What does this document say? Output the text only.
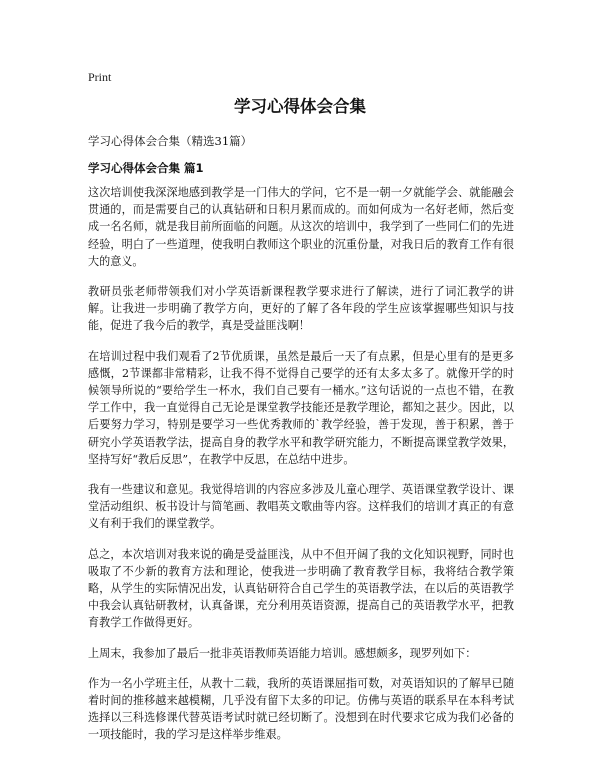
Print
学习心得体会合集
学习心得体会合集（精选31篇）
学习心得体会合集 篇1

这次培训使我深深地感到教学是一门伟大的学问，它不是一朝一夕就能学会、就能融会贯通的，而是需要自己的认真钻研和日积月累而成的。而如何成为一名好老师，然后变成一名名师，就是我目前所面临的问题。从这次的培训中，我学到了一些同仁们的先进经验，明白了一些道理，使我明白教师这个职业的沉重份量，对我日后的教育工作有很大的意义。

教研员张老师带领我们对小学英语新课程教学要求进行了解读，进行了词汇教学的讲解。让我进一步明确了教学方向，更好的了解了各年段的学生应该掌握哪些知识与技能，促进了我今后的教学，真是受益匪浅啊！

在培训过程中我们观看了2节优质课，虽然是最后一天了有点累，但是心里有的是更多感慨，2节课都非常精彩，让我不得不觉得自己要学的还有太多太多了。就像开学的时候领导所说的“要给学生一杯水，我们自己要有一桶水。”这句话说的一点也不错，在教学工作中，我一直觉得自己无论是课堂教学技能还是教学理论，都知之甚少。因此，以后要努力学习，特别是要学习一些优秀教师的`教学经验，善于发现，善于积累，善于研究小学英语教学法，提高自身的教学水平和教学研究能力，不断提高课堂教学效果，坚持写好“教后反思”，在教学中反思，在总结中进步。

我有一些建议和意见。我觉得培训的内容应多涉及儿童心理学、英语课堂教学设计、课堂活动组织、板书设计与简笔画、教唱英文歌曲等内容。这样我们的培训才真正的有意义有利于我们的课堂教学。

总之，本次培训对我来说的确是受益匪浅，从中不但开阔了我的文化知识视野，同时也吸取了不少新的教育方法和理论，使我进一步明确了教育教学目标，我将结合教学策略，从学生的实际情况出发，认真钻研符合自己学生的英语教学法，在以后的英语教学中我会认真钻研教材，认真备课，充分利用英语资源，提高自己的英语教学水平，把教育教学工作做得更好。

上周末，我参加了最后一批非英语教师英语能力培训。感想颇多，现罗列如下：

作为一名小学班主任，从教十二载，我所的英语课屈指可数，对英语知识的了解早已随着时间的推移越来越模糊，几乎没有留下太多的印记。仿佛与英语的联系早在本科考试选择以三科选修课代替英语考试时就已经切断了。没想到在时代要求它成为我们必备的一项技能时，我的学习是这样举步维艰。
